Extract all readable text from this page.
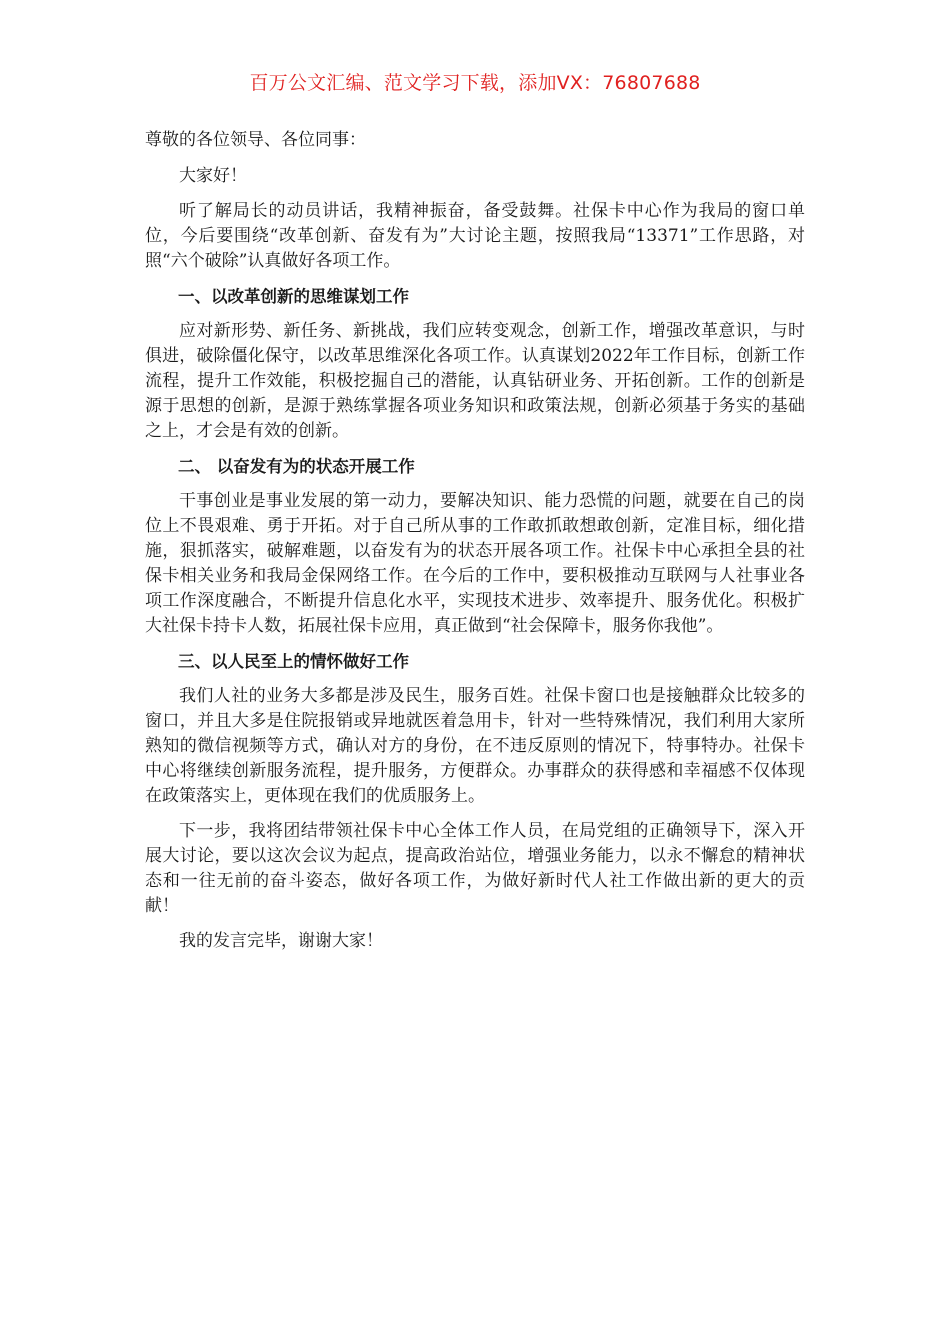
百万公文汇编、范文学习下载，添加VX：76807688

尊敬的各位领导、各位同事：

大家好！

听了解局长的动员讲话，我精神振奋，备受鼓舞。社保卡中心作为我局的窗口单位，今后要围绕“改革创新、奋发有为”大讨论主题，按照我局“13371”工作思路，对照“六个破除”认真做好各项工作。

一、以改革创新的思维谋划工作

应对新形势、新任务、新挑战，我们应转变观念，创新工作，增强改革意识，与时俱进，破除僵化保守，以改革思维深化各项工作。认真谋划2022年工作目标，创新工作流程，提升工作效能，积极挖掘自己的潜能，认真钻研业务、开拓创新。工作的创新是源于思想的创新，是源于熟练掌握各项业务知识和政策法规，创新必须基于务实的基础之上，才会是有效的创新。

二、 以奋发有为的状态开展工作

干事创业是事业发展的第一动力，要解决知识、能力恐慌的问题，就要在自己的岗位上不畏艰难、勇于开拓。对于自己所从事的工作敢抓敢想敢创新，定准目标，细化措施，狠抓落实，破解难题，以奋发有为的状态开展各项工作。社保卡中心承担全县的社保卡相关业务和我局金保网络工作。在今后的工作中，要积极推动互联网与人社事业各项工作深度融合，不断提升信息化水平，实现技术进步、效率提升、服务优化。积极扩大社保卡持卡人数，拓展社保卡应用，真正做到“社会保障卡，服务你我他”。

三、以人民至上的情怀做好工作

我们人社的业务大多都是涉及民生，服务百姓。社保卡窗口也是接触群众比较多的窗口，并且大多是住院报销或异地就医着急用卡，针对一些特殊情况，我们利用大家所熟知的微信视频等方式，确认对方的身份，在不违反原则的情况下，特事特办。社保卡中心将继续创新服务流程，提升服务，方便群众。办事群众的获得感和幸福感不仅体现在政策落实上，更体现在我们的优质服务上。

下一步，我将团结带领社保卡中心全体工作人员，在局党组的正确领导下，深入开展大讨论，要以这次会议为起点，提高政治站位，增强业务能力，以永不懈怠的精神状态和一往无前的奋斗姿态，做好各项工作，为做好新时代人社工作做出新的更大的贡献！

我的发言完毕，谢谢大家！
